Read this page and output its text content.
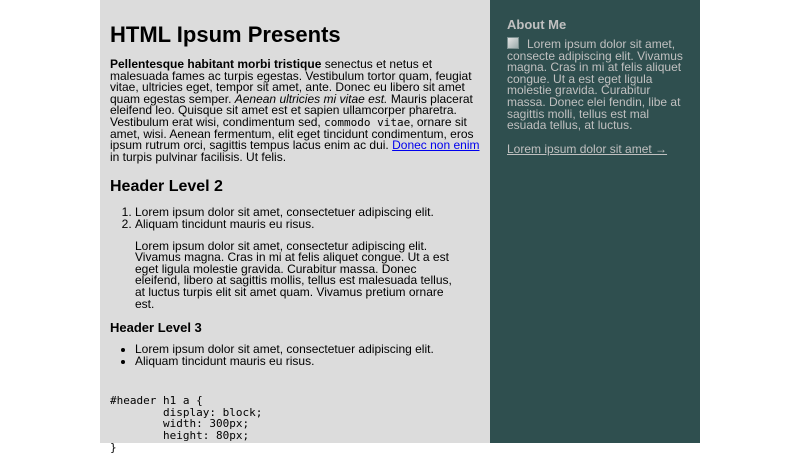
HTML Ipsum Presents

Pellentesque habitant morbi tristique senectus et netus et malesuada fames ac turpis egestas. Vestibulum tortor quam, feugiat vitae, ultricies eget, tempor sit amet, ante. Donec eu libero sit amet quam egestas semper. Aenean ultricies mi vitae est. Mauris placerat eleifend leo. Quisque sit amet est et sapien ullamcorper pharetra. Vestibulum erat wisi, condimentum sed, commodo vitae, ornare sit amet, wisi. Aenean fermentum, elit eget tincidunt condimentum, eros ipsum rutrum orci, sagittis tempus lacus enim ac dui. Donec non enim in turpis pulvinar facilisis. Ut felis.

Header Level 2
1. Lorem ipsum dolor sit amet, consectetuer adipiscing elit.
2. Aliquam tincidunt mauris eu risus.

Lorem ipsum dolor sit amet, consectetur adipiscing elit. Vivamus magna. Cras in mi at felis aliquet congue. Ut a est eget ligula molestie gravida. Curabitur massa. Donec eleifend, libero at sagittis mollis, tellus est malesuada tellus, at luctus turpis elit sit amet quam. Vivamus pretium ornare est.

Header Level 3
• Lorem ipsum dolor sit amet, consectetuer adipiscing elit.
• Aliquam tincidunt mauris eu risus.
#header h1 a {
	display: block;
	width: 300px;
	height: 80px;
}
About Me

Lorem ipsum dolor sit amet, consecte adipiscing elit. Vivamus magna. Cras in mi at felis aliquet congue. Ut a est eget ligula molestie gravida. Curabitur massa. Donec elei fendin, libe at sagittis molli, tellus est mal esuada tellus, at luctus.

Lorem ipsum dolor sit amet →
